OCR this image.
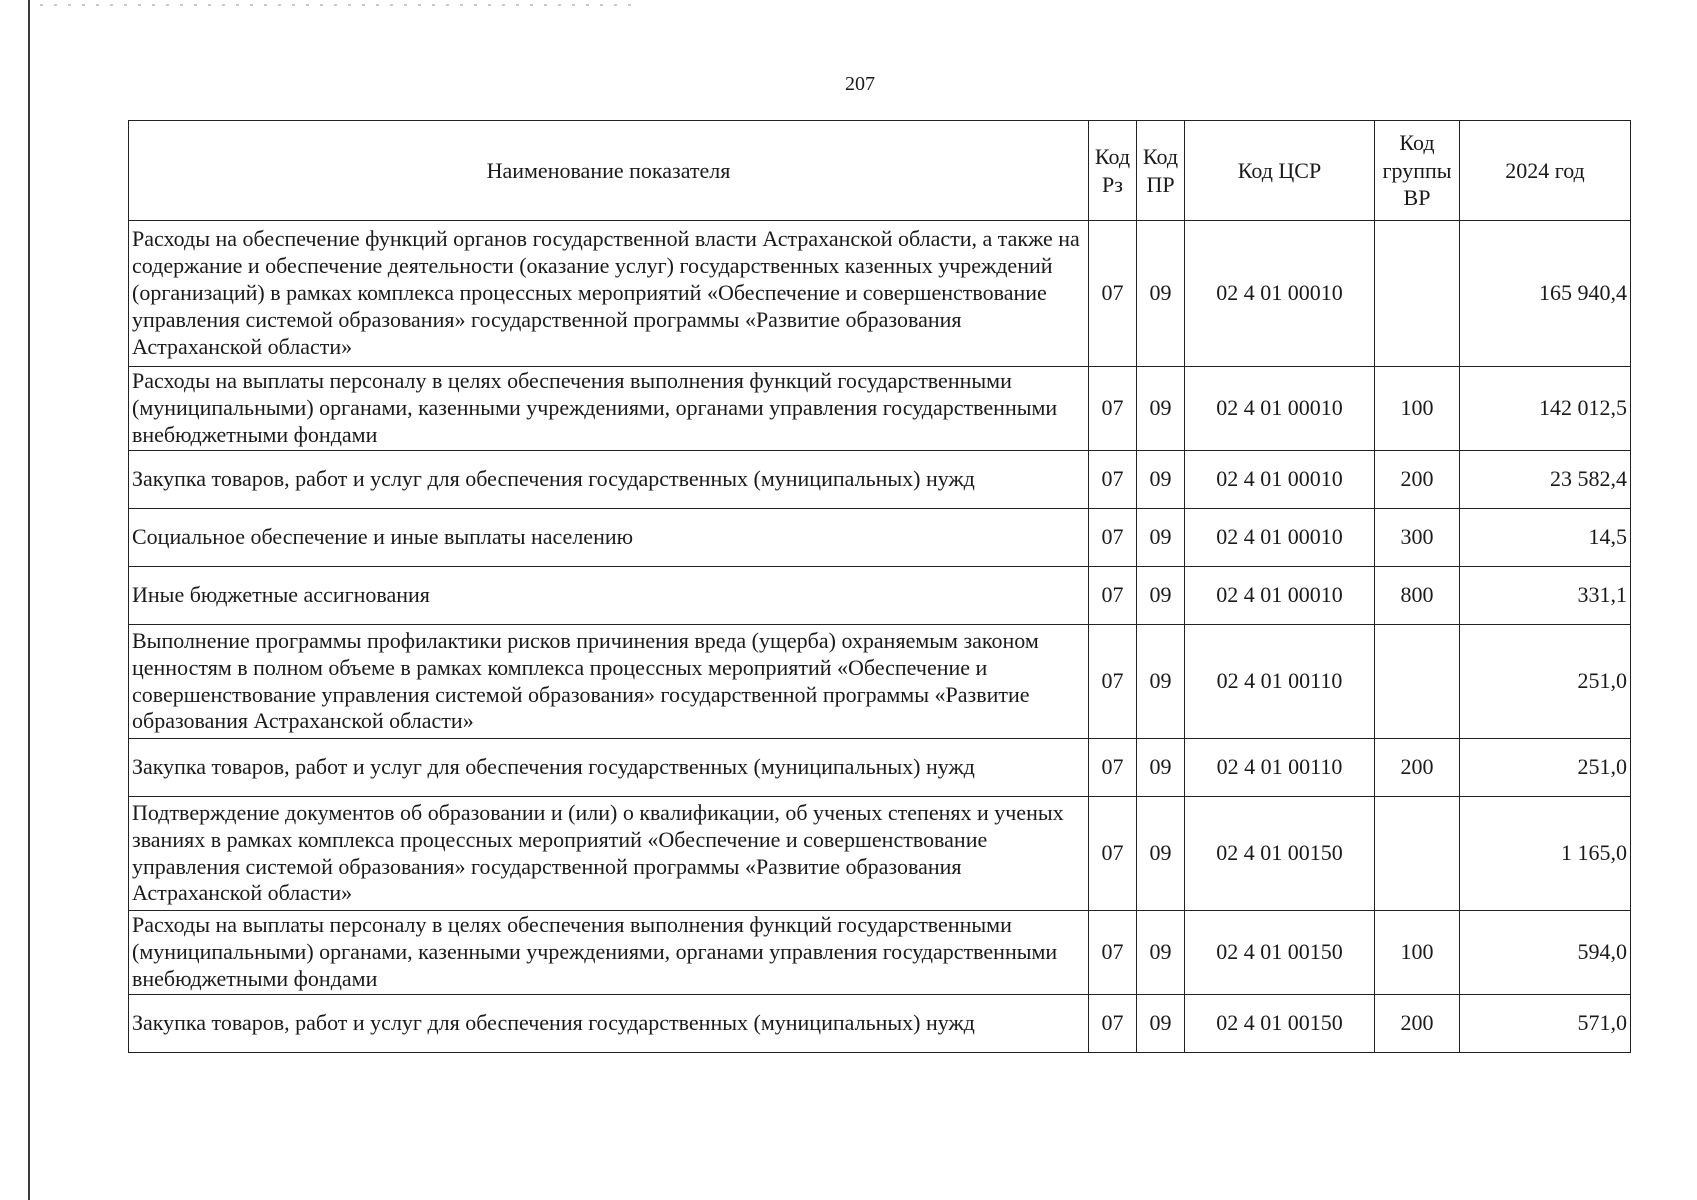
207
Наименование показателя	Код Рз	Код ПР	Код ЦСР	Код группы ВР	2024 год
Расходы на обеспечение функций органов государственной власти Астраханской области, а также на содержание и обеспечение деятельности (оказание услуг) государственных казенных учреждений (организаций) в рамках комплекса процессных мероприятий «Обеспечение и совершенствование управления системой образования» государственной программы «Развитие образования Астраханской области»	07	09	02 4 01 00010		165 940,4
Расходы на выплаты персоналу в целях обеспечения выполнения функций государственными (муниципальными) органами, казенными учреждениями, органами управления государственными внебюджетными фондами	07	09	02 4 01 00010	100	142 012,5
Закупка товаров, работ и услуг для обеспечения государственных (муниципальных) нужд	07	09	02 4 01 00010	200	23 582,4
Социальное обеспечение и иные выплаты населению	07	09	02 4 01 00010	300	14,5
Иные бюджетные ассигнования	07	09	02 4 01 00010	800	331,1
Выполнение программы профилактики рисков причинения вреда (ущерба) охраняемым законом ценностям в полном объеме в рамках комплекса процессных мероприятий «Обеспечение и совершенствование управления системой образования» государственной программы «Развитие образования Астраханской области»	07	09	02 4 01 00110		251,0
Закупка товаров, работ и услуг для обеспечения государственных (муниципальных) нужд	07	09	02 4 01 00110	200	251,0
Подтверждение документов об образовании и (или) о квалификации, об ученых степенях и ученых званиях в рамках комплекса процессных мероприятий «Обеспечение и совершенствование управления системой образования» государственной программы «Развитие образования Астраханской области»	07	09	02 4 01 00150		1 165,0
Расходы на выплаты персоналу в целях обеспечения выполнения функций государственными (муниципальными) органами, казенными учреждениями, органами управления государственными внебюджетными фондами	07	09	02 4 01 00150	100	594,0
Закупка товаров, работ и услуг для обеспечения государственных (муниципальных) нужд	07	09	02 4 01 00150	200	571,0
